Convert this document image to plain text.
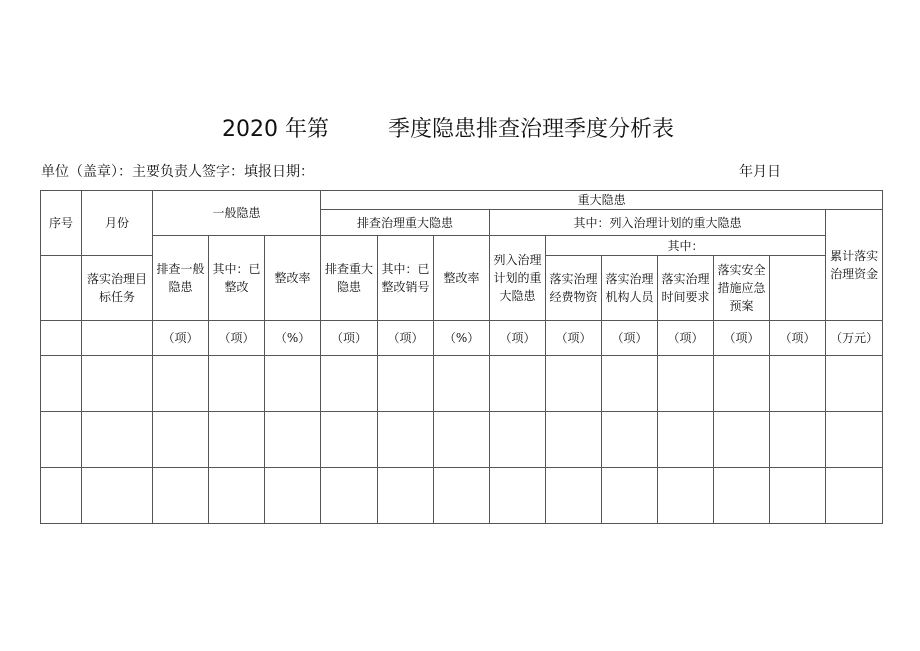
2020 年第	季度隐患排查治理季度分析表
单位（盖章）：主要负责人签字：填报日期：	年月日
序号	月份	一般隐患			重大隐患									
					排查治理重大隐患			其中：列入治理计划的重大隐患						累计落实治理资金
		排查一般隐患	其中：已整改	整改率	排查重大隐患	其中：已整改销号	整改率	列入治理计划的重大隐患	其中：					
	落实治理目标任务								落实治理经费物资	落实治理机构人员	落实治理时间要求	落实安全措施应急预案		
		（项）	（项）	（%）	（项）	（项）	（%）	（项）	（项）	（项）	（项）	（项）	（项）	（万元）
